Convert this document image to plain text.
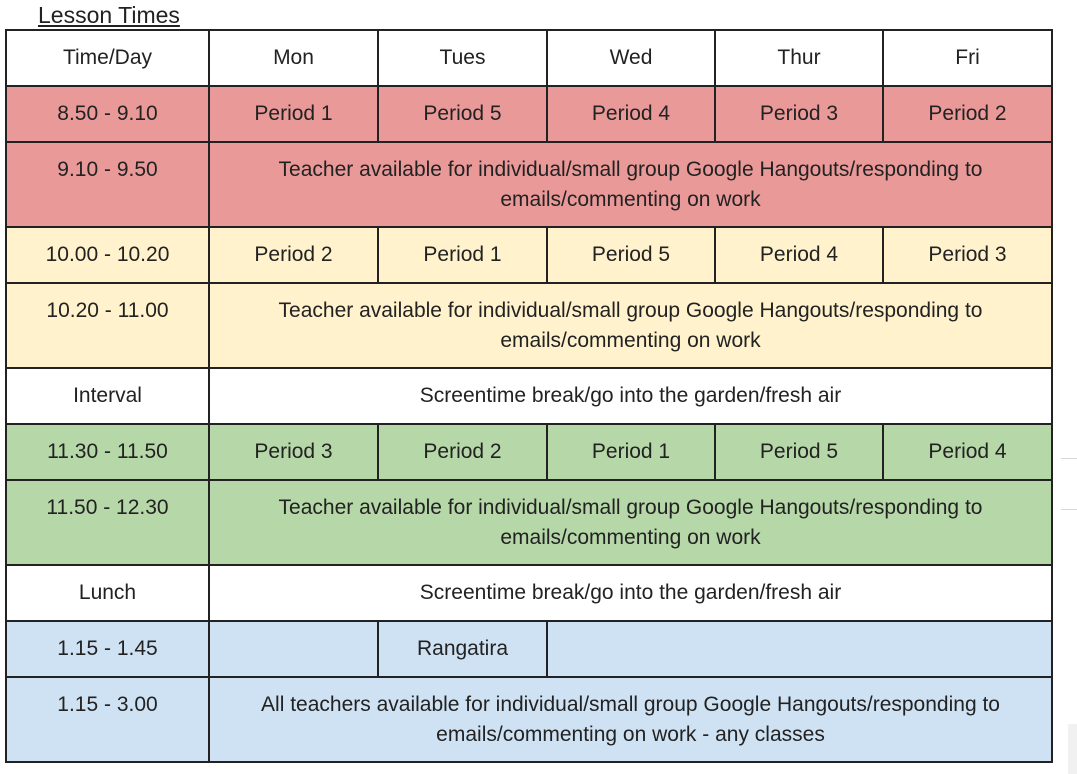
Lesson Times
Time/Day	Mon	Tues	Wed	Thur	Fri
8.50 - 9.10	Period 1	Period 5	Period 4	Period 3	Period 2
9.10 - 9.50	Teacher available for individual/small group Google Hangouts/responding to emails/commenting on work				
10.00 - 10.20	Period 2	Period 1	Period 5	Period 4	Period 3
10.20 - 11.00	Teacher available for individual/small group Google Hangouts/responding to emails/commenting on work				
Interval	Screentime break/go into the garden/fresh air				
11.30 - 11.50	Period 3	Period 2	Period 1	Period 5	Period 4
11.50 - 12.30	Teacher available for individual/small group Google Hangouts/responding to emails/commenting on work				
Lunch	Screentime break/go into the garden/fresh air				
1.15 - 1.45		Rangatira			
1.15 - 3.00	All teachers available for individual/small group Google Hangouts/responding to emails/commenting on work - any classes				
